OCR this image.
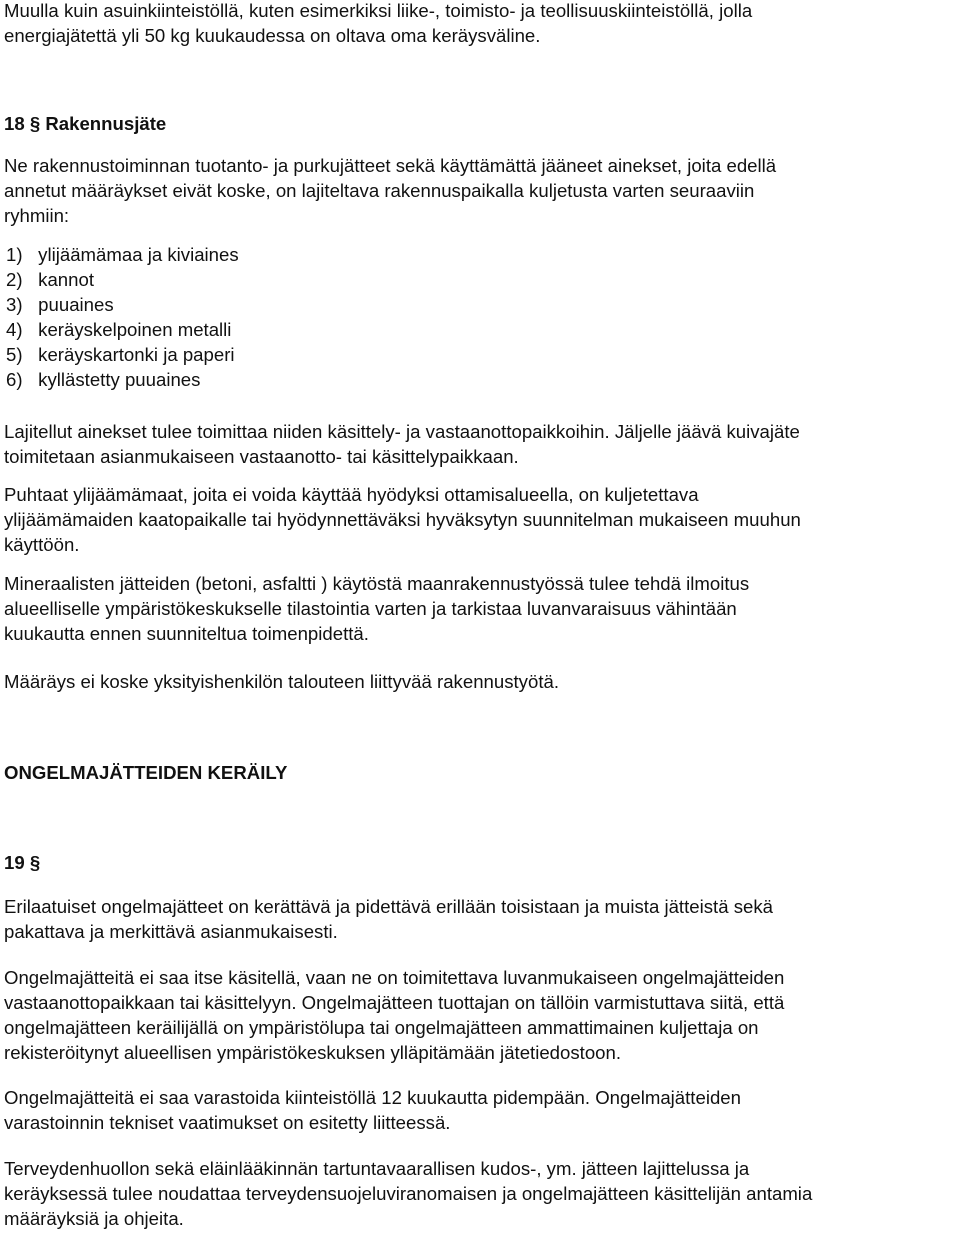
Muulla kuin asuinkiinteistöllä, kuten esimerkiksi liike-, toimisto- ja teollisuuskiinteistöllä, jolla
energiajätettä yli 50 kg kuukaudessa on oltava oma keräysväline.

18 § Rakennusjäte

Ne rakennustoiminnan tuotanto- ja purkujätteet sekä käyttämättä jääneet ainekset, joita edellä
annetut määräykset eivät koske, on lajiteltava rakennuspaikalla kuljetusta varten seuraaviin
ryhmiin:

1) ylijäämämaa ja kiviaines
2) kannot
3) puuaines
4) keräyskelpoinen metalli
5) keräyskartonki ja paperi
6) kyllästetty puuaines

Lajitellut ainekset tulee toimittaa niiden käsittely- ja vastaanottopaikkoihin. Jäljelle jäävä kuivajäte
toimitetaan asianmukaiseen vastaanotto- tai käsittelypaikkaan.

Puhtaat ylijäämämaat, joita ei voida käyttää hyödyksi ottamisalueella, on kuljetettava
ylijäämämaiden kaatopaikalle tai hyödynnettäväksi hyväksytyn suunnitelman mukaiseen muuhun
käyttöön.

Mineraalisten jätteiden (betoni, asfaltti ) käytöstä maanrakennustyössä tulee tehdä ilmoitus
alueelliselle ympäristökeskukselle tilastointia varten ja tarkistaa luvanvaraisuus vähintään
kuukautta ennen suunniteltua toimenpidettä.

Määräys ei koske yksityishenkilön talouteen liittyvää rakennustyötä.

ONGELMAJÄTTEIDEN KERÄILY
19 §

Erilaatuiset ongelmajätteet on kerättävä ja pidettävä erillään toisistaan ja muista jätteistä sekä
pakattava ja merkittävä asianmukaisesti.

Ongelmajätteitä ei saa itse käsitellä, vaan ne on toimitettava luvanmukaiseen ongelmajätteiden
vastaanottopaikkaan tai käsittelyyn. Ongelmajätteen tuottajan on tällöin varmistuttava siitä, että
ongelmajätteen keräilijällä on ympäristölupa tai ongelmajätteen ammattimainen kuljettaja on
rekisteröitynyt alueellisen ympäristökeskuksen ylläpitämään jätetiedostoon.

Ongelmajätteitä ei saa varastoida kiinteistöllä 12 kuukautta pidempään. Ongelmajätteiden
varastoinnin tekniset vaatimukset on esitetty liitteessä.

Terveydenhuollon sekä eläinlääkinnän tartuntavaarallisen kudos-, ym. jätteen lajittelussa ja
keräyksessä tulee noudattaa terveydensuojeluviranomaisen ja ongelmajätteen käsittelijän antamia
määräyksiä ja ohjeita.
